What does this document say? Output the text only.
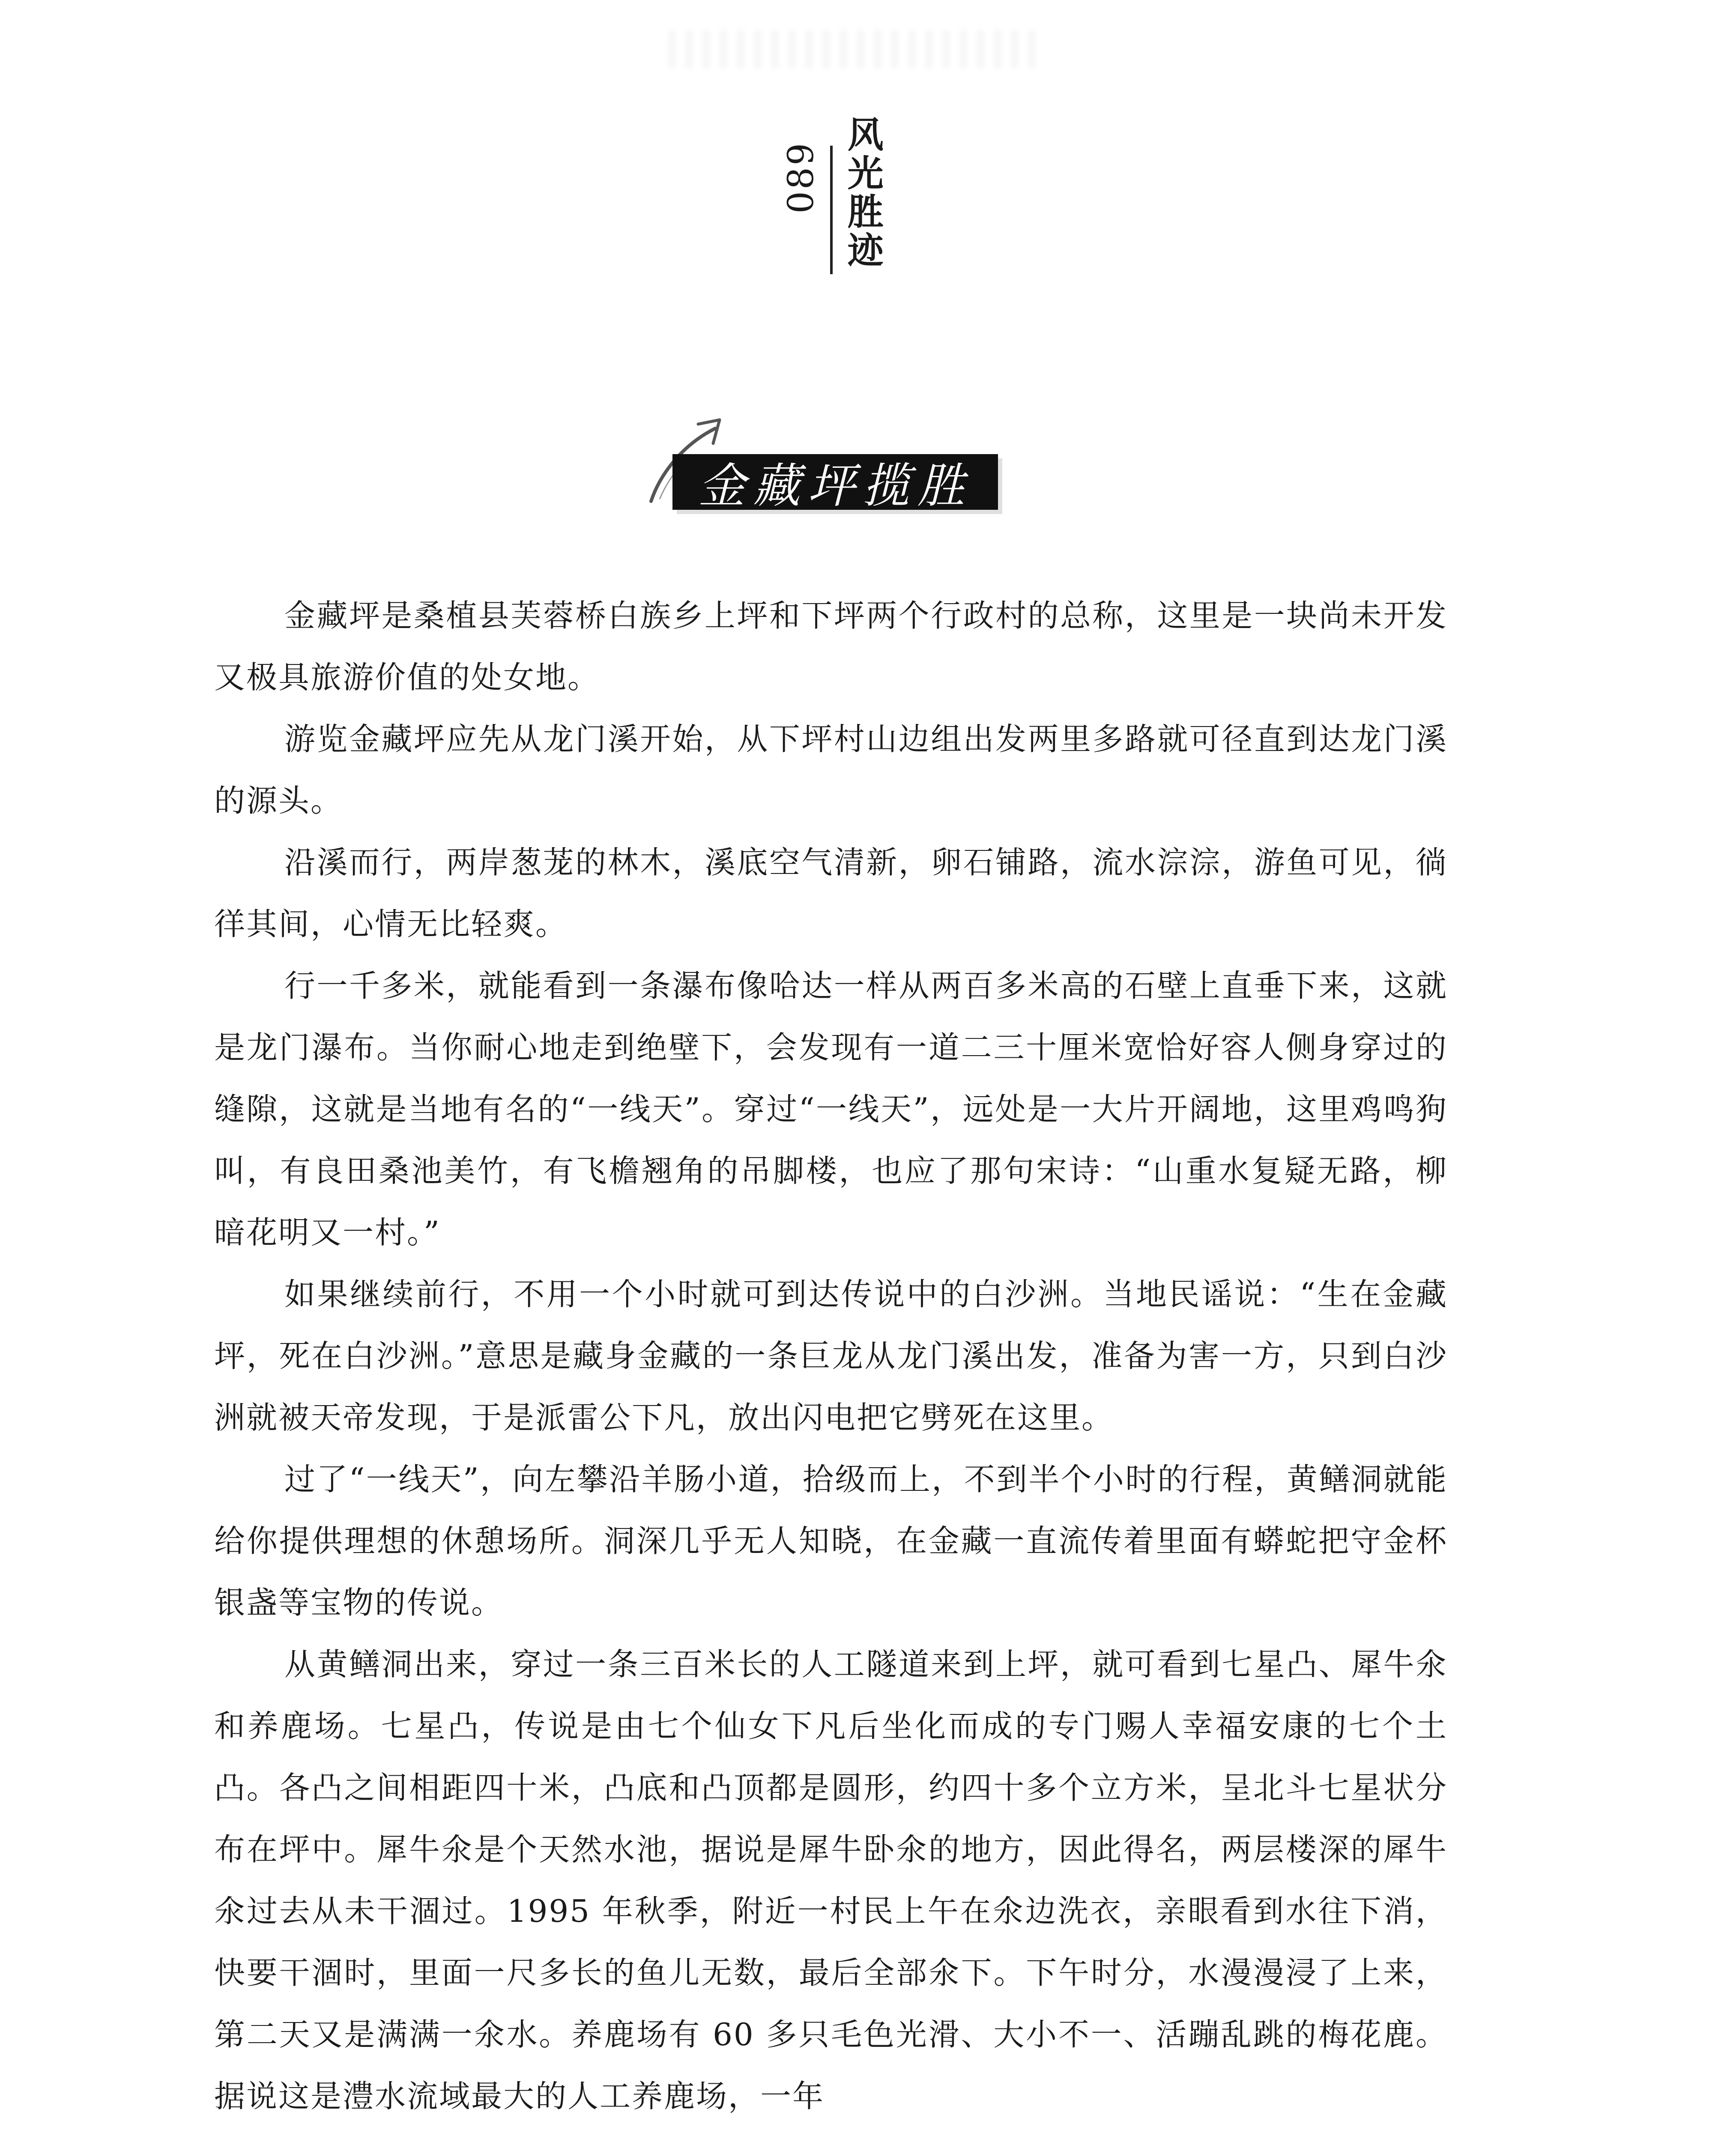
089 风光胜迹
金藏坪揽胜

金藏坪是桑植县芙蓉桥白族乡上坪和下坪两个行政村的总称，这里是一块尚未开发又极具旅游价值的处女地。

游览金藏坪应先从龙门溪开始，从下坪村山边组出发两里多路就可径直到达龙门溪的源头。

沿溪而行，两岸葱茏的林木，溪底空气清新，卵石铺路，流水淙淙，游鱼可见，徜徉其间，心情无比轻爽。

行一千多米，就能看到一条瀑布像哈达一样从两百多米高的石壁上直垂下来，这就是龙门瀑布。当你耐心地走到绝壁下，会发现有一道二三十厘米宽恰好容人侧身穿过的缝隙，这就是当地有名的“一线天”。穿过“一线天”，远处是一大片开阔地，这里鸡鸣狗叫，有良田桑池美竹，有飞檐翘角的吊脚楼，也应了那句宋诗：“山重水复疑无路，柳暗花明又一村。”

如果继续前行，不用一个小时就可到达传说中的白沙洲。当地民谣说：“生在金藏坪，死在白沙洲。”意思是藏身金藏的一条巨龙从龙门溪出发，准备为害一方，只到白沙洲就被天帝发现，于是派雷公下凡，放出闪电把它劈死在这里。

过了“一线天”，向左攀沿羊肠小道，拾级而上，不到半个小时的行程，黄鳝洞就能给你提供理想的休憩场所。洞深几乎无人知晓，在金藏一直流传着里面有蟒蛇把守金杯银盏等宝物的传说。

从黄鳝洞出来，穿过一条三百米长的人工隧道来到上坪，就可看到七星凸、犀牛氽和养鹿场。七星凸，传说是由七个仙女下凡后坐化而成的专门赐人幸福安康的七个土凸。各凸之间相距四十米，凸底和凸顶都是圆形，约四十多个立方米，呈北斗七星状分布在坪中。犀牛氽是个天然水池，据说是犀牛卧氽的地方，因此得名，两层楼深的犀牛氽过去从未干涸过。1995 年秋季，附近一村民上午在氽边洗衣，亲眼看到水往下消，快要干涸时，里面一尺多长的鱼儿无数，最后全部氽下。下午时分，水漫漫浸了上来，第二天又是满满一氽水。养鹿场有 60 多只毛色光滑、大小不一、活蹦乱跳的梅花鹿。据说这是澧水流域最大的人工养鹿场，一年
